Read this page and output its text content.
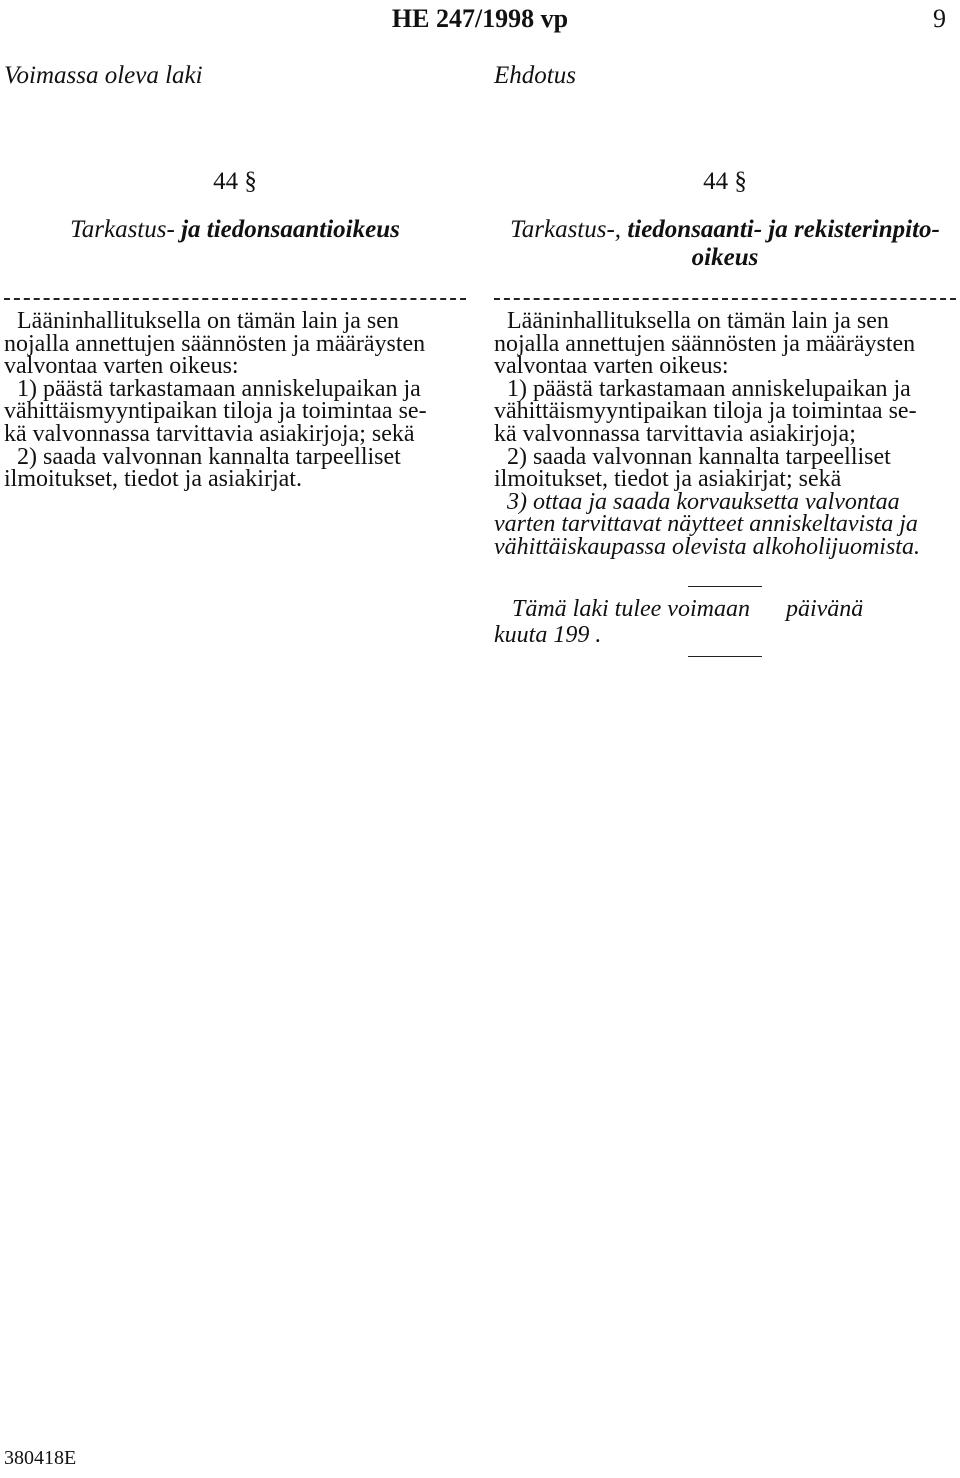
HE 247/1998 vp	9
Voimassa oleva laki	Ehdotus
44 §
Tarkastus- ja tiedonsaantioikeus

Lääninhallituksella on tämän lain ja sen

nojalla annettujen säännösten ja määräysten

valvontaa varten oikeus:

1) päästä tarkastamaan anniskelupaikan ja

vähittäismyyntipaikan tiloja ja toimintaa se-

kä valvonnassa tarvittavia asiakirjoja; sekä

2) saada valvonnan kannalta tarpeelliset

ilmoitukset, tiedot ja asiakirjat.

44 §
Tarkastus-, tiedonsaanti- ja rekisterinpito-
oikeus

Lääninhallituksella on tämän lain ja sen

nojalla annettujen säännösten ja määräysten

valvontaa varten oikeus:

1) päästä tarkastamaan anniskelupaikan ja

vähittäismyyntipaikan tiloja ja toimintaa se-

kä valvonnassa tarvittavia asiakirjoja;

2) saada valvonnan kannalta tarpeelliset

ilmoitukset, tiedot ja asiakirjat; sekä

3) ottaa ja saada korvauksetta valvontaa

varten tarvittavat näytteet anniskeltavista ja

vähittäiskaupassa olevista alkoholijuomista.

Tämä laki tulee voimaan      päivänä
kuuta 199 .
380418E
